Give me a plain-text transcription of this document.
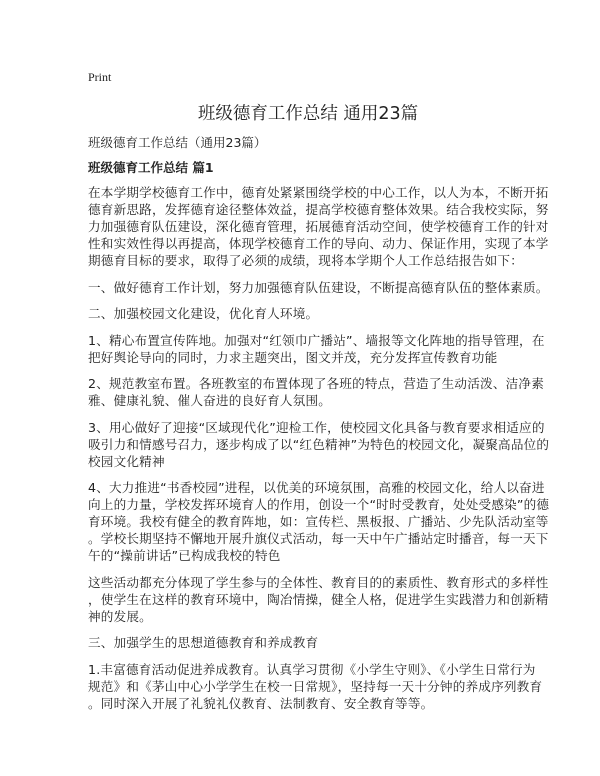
Print
班级德育工作总结 通用23篇
班级德育工作总结（通用23篇）
班级德育工作总结 篇1
在本学期学校德育工作中，德育处紧紧围绕学校的中心工作，以人为本，不断开拓
德育新思路，发挥德育途径整体效益，提高学校德育整体效果。结合我校实际，努
力加强德育队伍建设，深化德育管理，拓展德育活动空间，使学校德育工作的针对
性和实效性得以再提高，体现学校德育工作的导向、动力、保证作用，实现了本学
期德育目标的要求，取得了必须的成绩，现将本学期个人工作总结报告如下：
一、做好德育工作计划，努力加强德育队伍建设，不断提高德育队伍的整体素质。
二、加强校园文化建设，优化育人环境。
1、精心布置宣传阵地。加强对“红领巾广播站”、墙报等文化阵地的指导管理，在
把好舆论导向的同时，力求主题突出，图文并茂，充分发挥宣传教育功能
2、规范教室布置。各班教室的布置体现了各班的特点，营造了生动活泼、洁净素
雅、健康礼貌、催人奋进的良好育人氛围。
3、用心做好了迎接“区域现代化”迎检工作，使校园文化具备与教育要求相适应的
吸引力和情感号召力，逐步构成了以“红色精神”为特色的校园文化，凝聚高品位的
校园文化精神
4、大力推进“书香校园”进程，以优美的环境氛围，高雅的校园文化，给人以奋进
向上的力量，学校发挥环境育人的作用，创设一个“时时受教育，处处受感染”的德
育环境。我校有健全的教育阵地，如：宣传栏、黑板报、广播站、少先队活动室等
。学校长期坚持不懈地开展升旗仪式活动，每一天中午广播站定时播音，每一天下
午的“操前讲话”已构成我校的特色
这些活动都充分体现了学生参与的全体性、教育目的的素质性、教育形式的多样性
，使学生在这样的教育环境中，陶冶情操，健全人格，促进学生实践潜力和创新精
神的发展。
三、加强学生的思想道德教育和养成教育
1.丰富德育活动促进养成教育。认真学习贯彻《小学生守则》、《小学生日常行为
规范》和《茅山中心小学学生在校一日常规》，坚持每一天十分钟的养成序列教育
。同时深入开展了礼貌礼仪教育、法制教育、安全教育等等。
